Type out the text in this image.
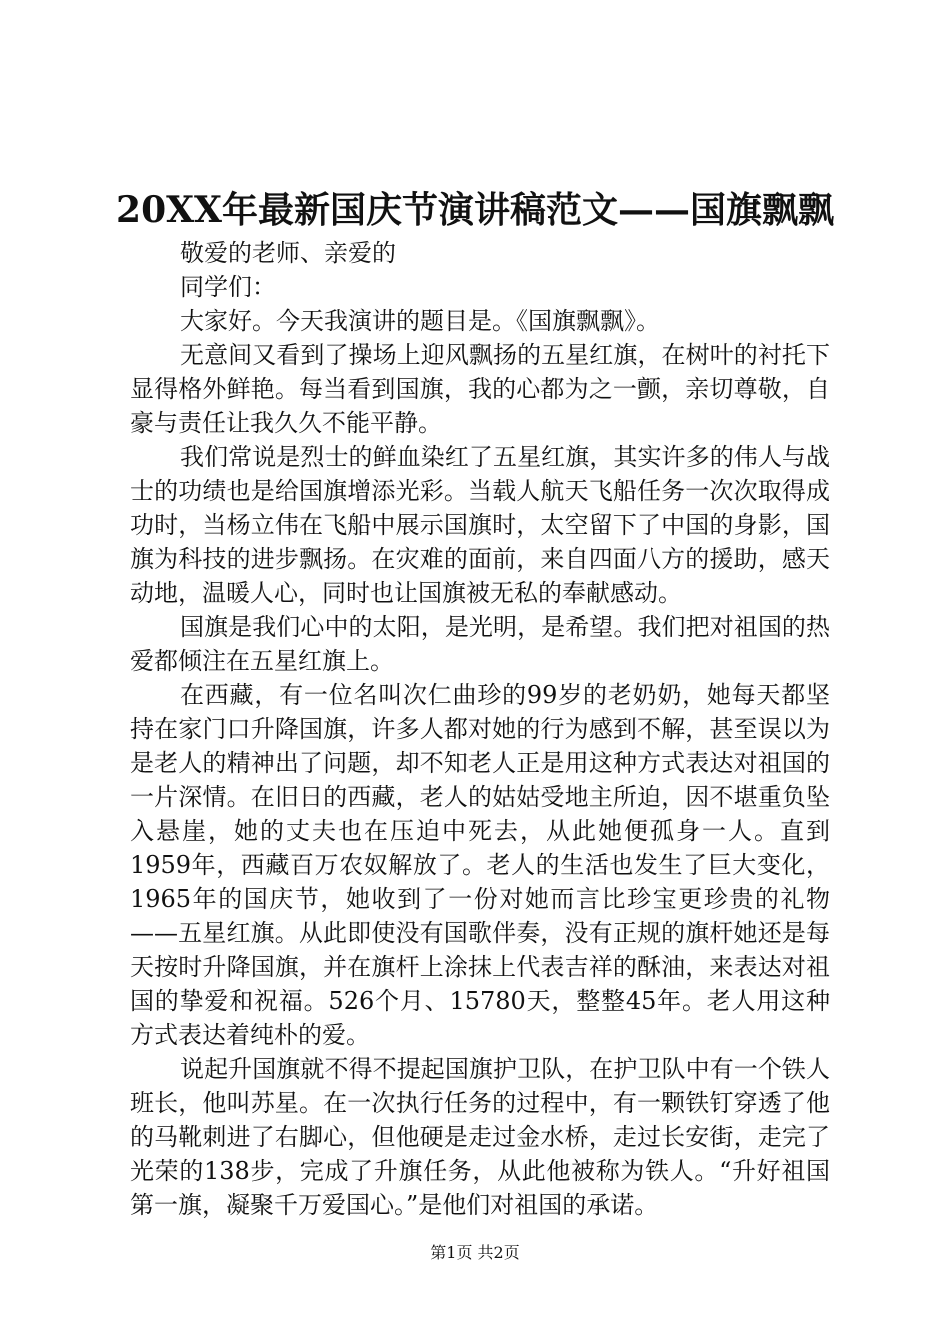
20XX年最新国庆节演讲稿范文——国旗飘飘

敬爱的老师、亲爱的

同学们：

大家好。今天我演讲的题目是。《国旗飘飘》。

无意间又看到了操场上迎风飘扬的五星红旗，在树叶的衬托下显得格外鲜艳。每当看到国旗，我的心都为之一颤，亲切尊敬，自豪与责任让我久久不能平静。

我们常说是烈士的鲜血染红了五星红旗，其实许多的伟人与战士的功绩也是给国旗增添光彩。当载人航天飞船任务一次次取得成功时，当杨立伟在飞船中展示国旗时，太空留下了中国的身影，国旗为科技的进步飘扬。在灾难的面前，来自四面八方的援助，感天动地，温暖人心，同时也让国旗被无私的奉献感动。

国旗是我们心中的太阳，是光明，是希望。我们把对祖国的热爱都倾注在五星红旗上。

在西藏，有一位名叫次仁曲珍的99岁的老奶奶，她每天都坚持在家门口升降国旗，许多人都对她的行为感到不解，甚至误以为是老人的精神出了问题，却不知老人正是用这种方式表达对祖国的一片深情。在旧日的西藏，老人的姑姑受地主所迫，因不堪重负坠入悬崖，她的丈夫也在压迫中死去，从此她便孤身一人。直到1959年，西藏百万农奴解放了。老人的生活也发生了巨大变化，1965年的国庆节，她收到了一份对她而言比珍宝更珍贵的礼物——五星红旗。从此即使没有国歌伴奏，没有正规的旗杆她还是每天按时升降国旗，并在旗杆上涂抹上代表吉祥的酥油，来表达对祖国的挚爱和祝福。526个月、15780天，整整45年。老人用这种方式表达着纯朴的爱。

说起升国旗就不得不提起国旗护卫队，在护卫队中有一个铁人班长，他叫苏星。在一次执行任务的过程中，有一颗铁钉穿透了他的马靴刺进了右脚心，但他硬是走过金水桥，走过长安街，走完了光荣的138步，完成了升旗任务，从此他被称为铁人。“升好祖国第一旗，凝聚千万爱国心。”是他们对祖国的承诺。

第1页 共2页
